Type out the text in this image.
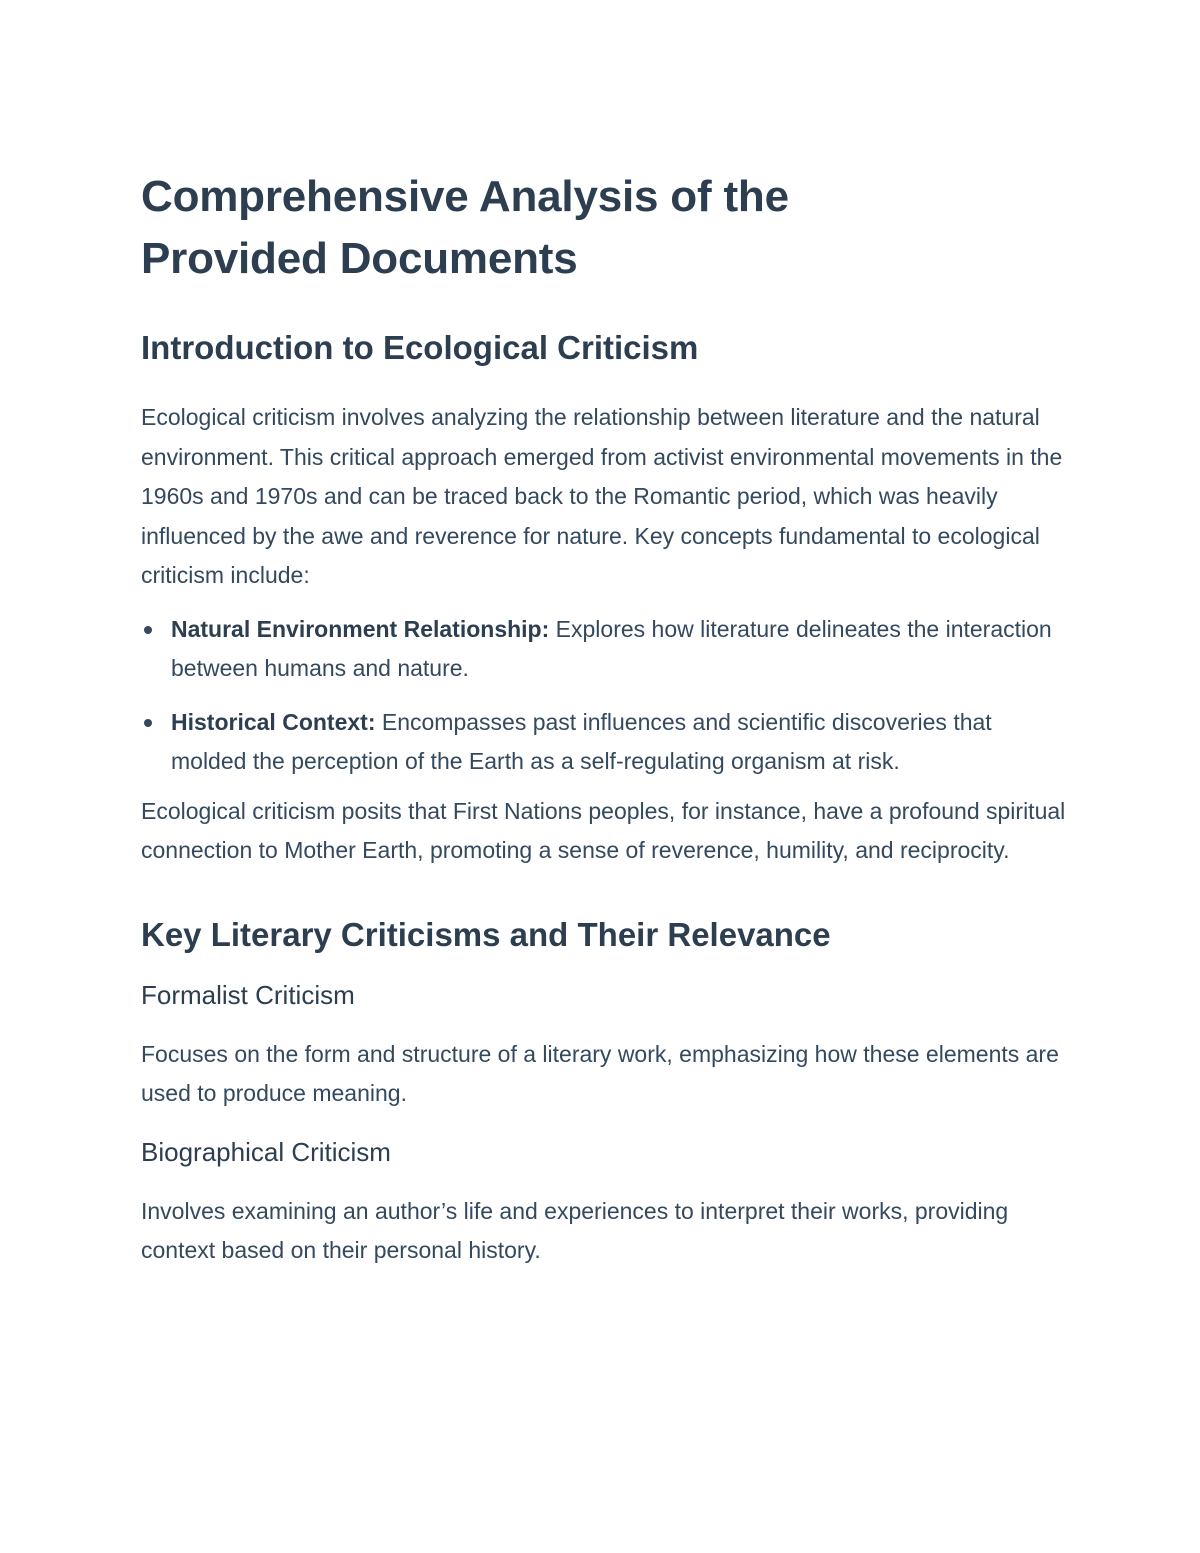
Comprehensive Analysis of the
Provided Documents
Introduction to Ecological Criticism

Ecological criticism involves analyzing the relationship between literature and the natural environment. This critical approach emerged from activist environmental movements in the 1960s and 1970s and can be traced back to the Romantic period, which was heavily influenced by the awe and reverence for nature. Key concepts fundamental to ecological criticism include:

Natural Environment Relationship: Explores how literature delineates the interaction between humans and nature.
Historical Context: Encompasses past influences and scientific discoveries that molded the perception of the Earth as a self-regulating organism at risk.

Ecological criticism posits that First Nations peoples, for instance, have a profound spiritual connection to Mother Earth, promoting a sense of reverence, humility, and reciprocity.

Key Literary Criticisms and Their Relevance
Formalist Criticism

Focuses on the form and structure of a literary work, emphasizing how these elements are used to produce meaning.

Biographical Criticism

Involves examining an author’s life and experiences to interpret their works, providing context based on their personal history.
